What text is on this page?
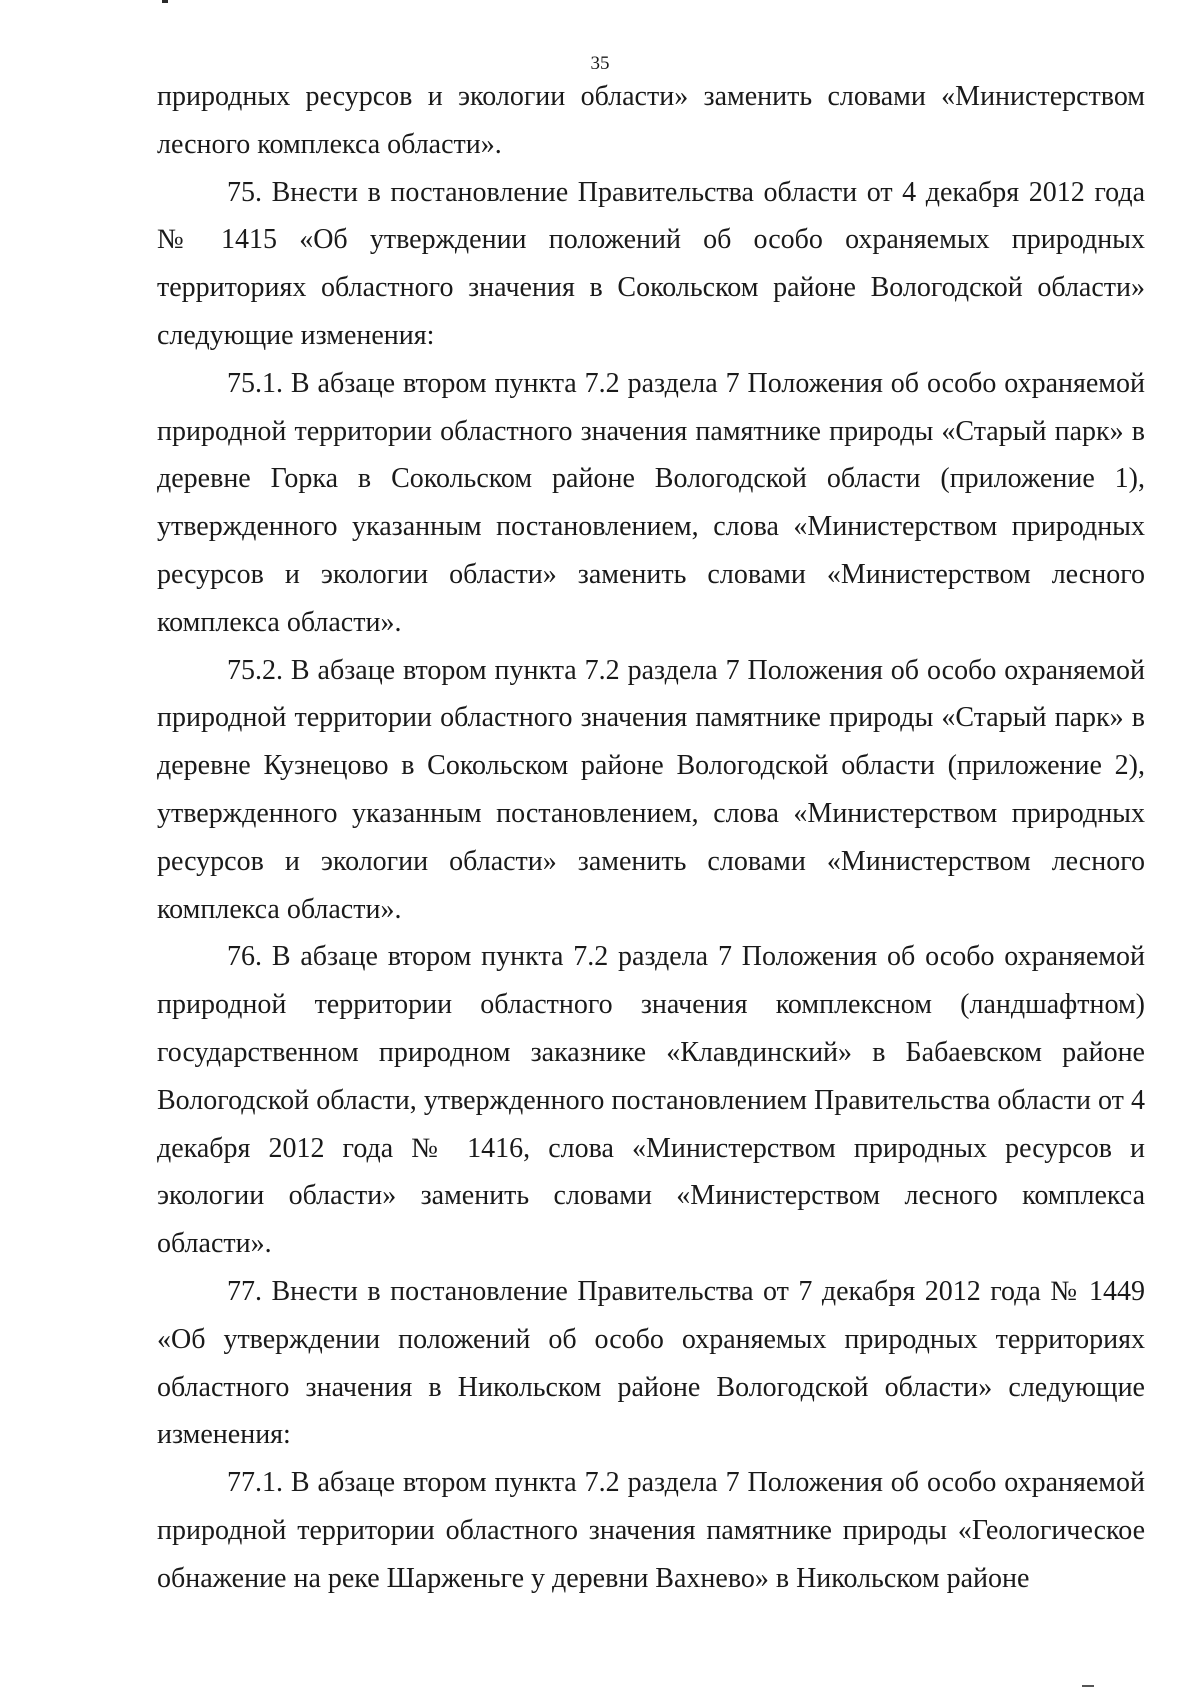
35

природных ресурсов и экологии области» заменить словами «Министерством лесного комплекса области».

75. Внести в постановление Правительства области от 4 декабря 2012 года № 1415 «Об утверждении положений об особо охраняемых природных территориях областного значения в Сокольском районе Вологодской области» следующие изменения:

75.1. В абзаце втором пункта 7.2 раздела 7 Положения об особо охраняемой природной территории областного значения памятнике природы «Старый парк» в деревне Горка в Сокольском районе Вологодской области (приложение 1), утвержденного указанным постановлением, слова «Министерством природных ресурсов и экологии области» заменить словами «Министерством лесного комплекса области».

75.2. В абзаце втором пункта 7.2 раздела 7 Положения об особо охраняемой природной территории областного значения памятнике природы «Старый парк» в деревне Кузнецово в Сокольском районе Вологодской области (приложение 2), утвержденного указанным постановлением, слова «Министерством природных ресурсов и экологии области» заменить словами «Министерством лесного комплекса области».

76. В абзаце втором пункта 7.2 раздела 7 Положения об особо охраняемой природной территории областного значения комплексном (ландшафтном) государственном природном заказнике «Клавдинский» в Бабаевском районе Вологодской области, утвержденного постановлением Правительства области от 4 декабря 2012 года № 1416, слова «Министерством природных ресурсов и экологии области» заменить словами «Министерством лесного комплекса области».

77. Внести в постановление Правительства от 7 декабря 2012 года № 1449 «Об утверждении положений об особо охраняемых природных территориях областного значения в Никольском районе Вологодской области» следующие изменения:

77.1. В абзаце втором пункта 7.2 раздела 7 Положения об особо охраняемой природной территории областного значения памятнике природы «Геологическое обнажение на реке Шарженьге у деревни Вахнево» в Никольском районе
